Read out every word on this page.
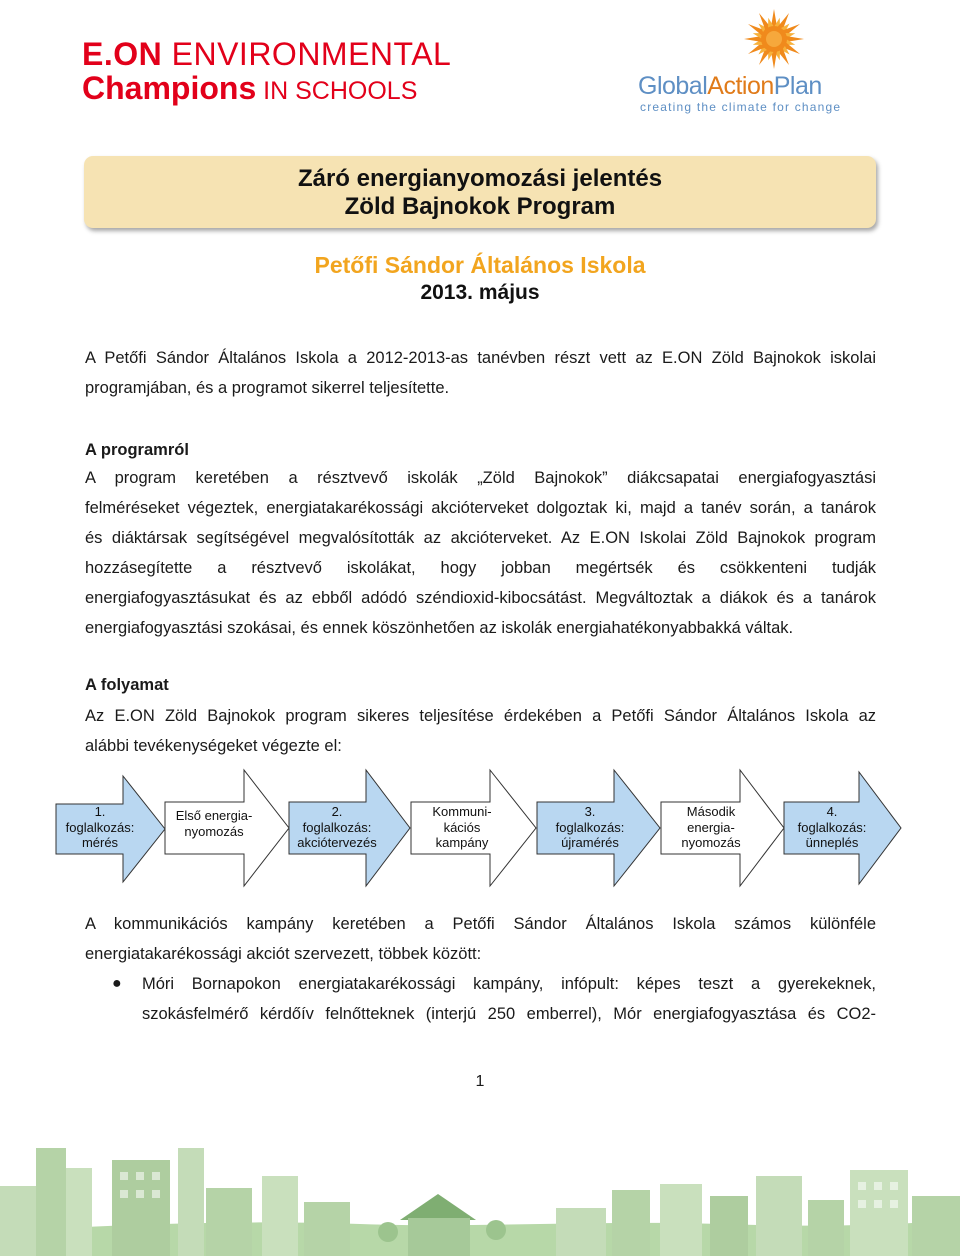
E.ON ENVIRONMENTAL
Champions IN SCHOOLS	GlobalActionPlan
creating the climate for change
Záró energianyomozási jelentés
Zöld Bajnokok Program
Petőfi Sándor Általános Iskola
2013. május
A Petőfi Sándor Általános Iskola a 2012-2013-as tanévben részt vett az E.ON Zöld Bajnokok iskolai
programjában, és a programot sikerrel teljesítette.
A programról
A program keretében a résztvevő iskolák „Zöld Bajnokok” diákcsapatai energiafogyasztási
felméréseket végeztek, energiatakarékossági akcióterveket dolgoztak ki, majd a tanév során, a tanárok
és diáktársak segítségével megvalósították az akcióterveket. Az E.ON Iskolai Zöld Bajnokok program
hozzásegítette a résztvevő iskolákat, hogy jobban megértsék és csökkenteni tudják
energiafogyasztásukat és az ebből adódó széndioxid-kibocsátást. Megváltoztak a diákok és a tanárok
energiafogyasztási szokásai, és ennek köszönhetően az iskolák energiahatékonyabbakká váltak.
A folyamat
Az E.ON Zöld Bajnokok program sikeres teljesítése érdekében a Petőfi Sándor Általános Iskola az
alábbi tevékenységeket végezte el:
1.
foglalkozás:
mérés
Első energia-
nyomozás
2.
foglalkozás:
akciótervezés
Kommuni-
kációs
kampány
3.
foglalkozás:
újramérés
Második
energia-
nyomozás
4.
foglalkozás:
ünneplés
A kommunikációs kampány keretében a Petőfi Sándor Általános Iskola számos különféle
energiatakarékossági akciót szervezett, többek között:
● Móri Bornapokon energiatakarékossági kampány, infópult: képes teszt a gyerekeknek,
szokásfelmérő kérdőív felnőtteknek (interjú 250 emberrel), Mór energiafogyasztása és CO2-
1
